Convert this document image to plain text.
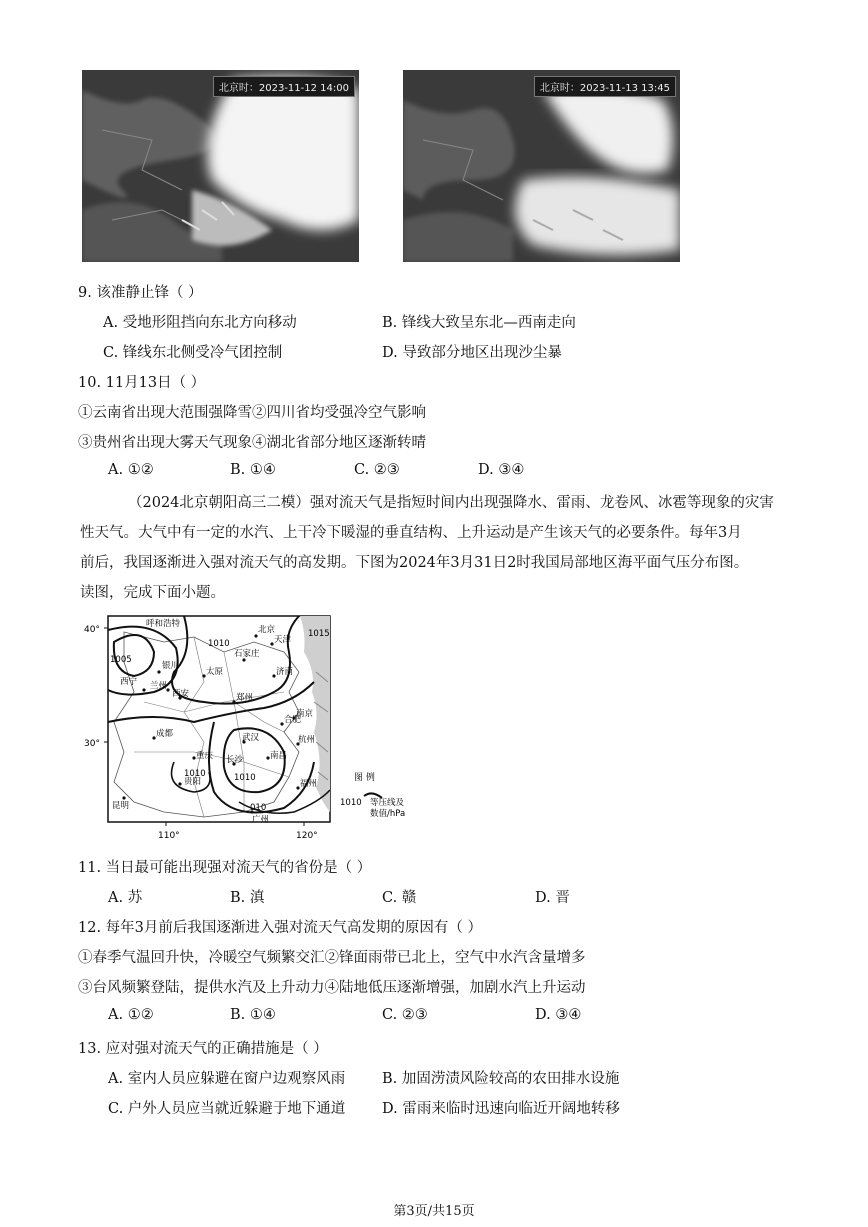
北京时：2023-11-12 14:00	北京时：2023-11-13 13:45
9. 该准静止锋（ ）
A. 受地形阻挡向东北方向移动	B. 锋线大致呈东北—西南走向
C. 锋线东北侧受冷气团控制	D. 导致部分地区出现沙尘暴
10. 11月13日（ ）
①云南省出现大范围强降雪②四川省均受强冷空气影响
③贵州省出现大雾天气现象④湖北省部分地区逐渐转晴
A. ①②	B. ①④	C. ②③	D. ③④
（2024北京朝阳高三二模）强对流天气是指短时间内出现强降水、雷雨、龙卷风、冰雹等现象的灾害
性天气。大气中有一定的水汽、上干冷下暖湿的垂直结构、上升运动是产生该天气的必要条件。每年3月
前后，我国逐渐进入强对流天气的高发期。下图为2024年3月31日2时我国局部地区海平面气压分布图。
读图，完成下面小题。
40°
30°
110°	120°
1005
1010
1010	1010
010
1015
呼和浩特
银川
太原
石家庄
济南
北京
天津
西宁 兰州
西安	郑州
合肥
南京
成都	武汉	杭州
重庆 长沙	南昌
贵阳	福州
昆明
广州
图 例
1010 等压线及
数值/hPa
11. 当日最可能出现强对流天气的省份是（ ）
A. 苏	B. 滇	C. 赣	D. 晋
12. 每年3月前后我国逐渐进入强对流天气高发期的原因有（ ）
①春季气温回升快，冷暖空气频繁交汇②锋面雨带已北上，空气中水汽含量增多
③台风频繁登陆，提供水汽及上升动力④陆地低压逐渐增强，加剧水汽上升运动
A. ①②	B. ①④	C. ②③	D. ③④
13. 应对强对流天气的正确措施是（ ）
A. 室内人员应躲避在窗户边观察风雨	B. 加固涝渍风险较高的农田排水设施
C. 户外人员应当就近躲避于地下通道	D. 雷雨来临时迅速向临近开阔地转移
第3页/共15页
